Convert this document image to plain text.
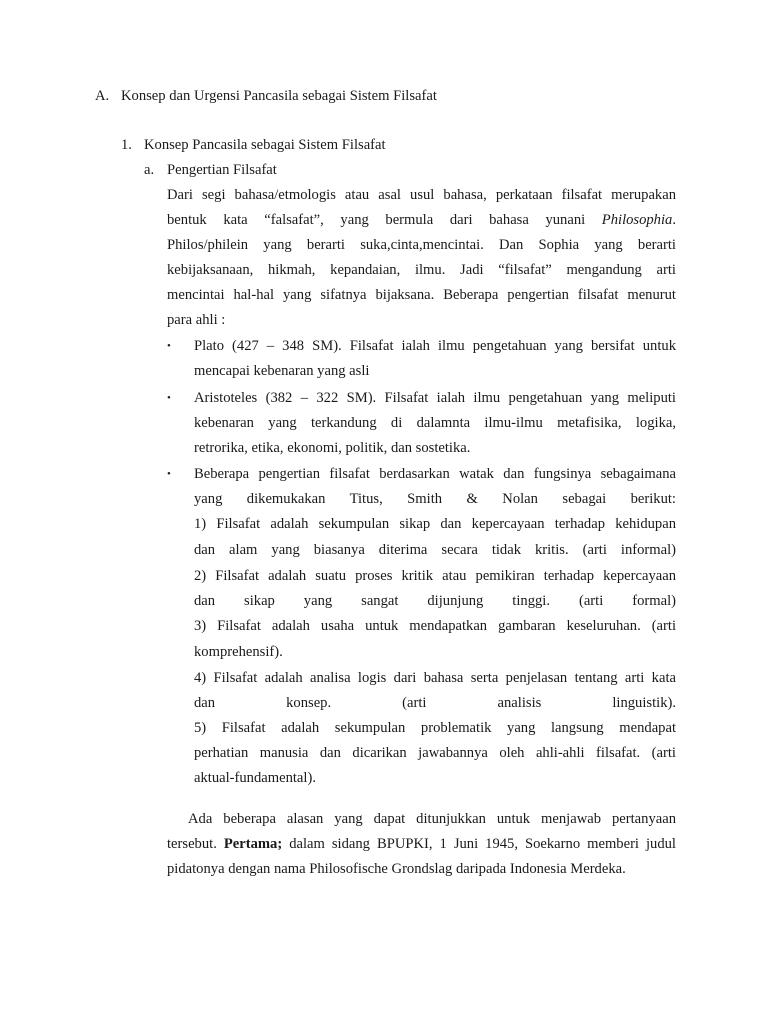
A. Konsep dan Urgensi Pancasila sebagai Sistem Filsafat
1. Konsep Pancasila sebagai Sistem Filsafat
a. Pengertian Filsafat
Dari segi bahasa/etmologis atau asal usul bahasa, perkataan filsafat merupakan
bentuk kata “falsafat”, yang bermula dari bahasa yunani Philosophia.
Philos/philein yang berarti suka,cinta,mencintai. Dan Sophia yang berarti
kebijaksanaan, hikmah, kepandaian, ilmu. Jadi “filsafat” mengandung arti
mencintai hal-hal yang sifatnya bijaksana. Beberapa pengertian filsafat menurut
para ahli :
• Plato (427 – 348 SM). Filsafat ialah ilmu pengetahuan yang bersifat untuk
mencapai kebenaran yang asli
• Aristoteles (382 – 322 SM). Filsafat ialah ilmu pengetahuan yang meliputi
kebenaran yang terkandung di dalamnta ilmu-ilmu metafisika, logika,
retrorika, etika, ekonomi, politik, dan sostetika.
• Beberapa pengertian filsafat berdasarkan watak dan fungsinya sebagaimana
yang dikemukakan Titus, Smith & Nolan sebagai berikut:
1) Filsafat adalah sekumpulan sikap dan kepercayaan terhadap kehidupan
dan alam yang biasanya diterima secara tidak kritis. (arti informal)
2) Filsafat adalah suatu proses kritik atau pemikiran terhadap kepercayaan
dan sikap yang sangat dijunjung tinggi. (arti formal)
3) Filsafat adalah usaha untuk mendapatkan gambaran keseluruhan. (arti
komprehensif).
4) Filsafat adalah analisa logis dari bahasa serta penjelasan tentang arti kata
dan konsep. (arti analisis linguistik).
5) Filsafat adalah sekumpulan problematik yang langsung mendapat
perhatian manusia dan dicarikan jawabannya oleh ahli-ahli filsafat. (arti
aktual-fundamental).
Ada beberapa alasan yang dapat ditunjukkan untuk menjawab pertanyaan
tersebut. Pertama; dalam sidang BPUPKI, 1 Juni 1945, Soekarno memberi judul
pidatonya dengan nama Philosofische Grondslag daripada Indonesia Merdeka.
